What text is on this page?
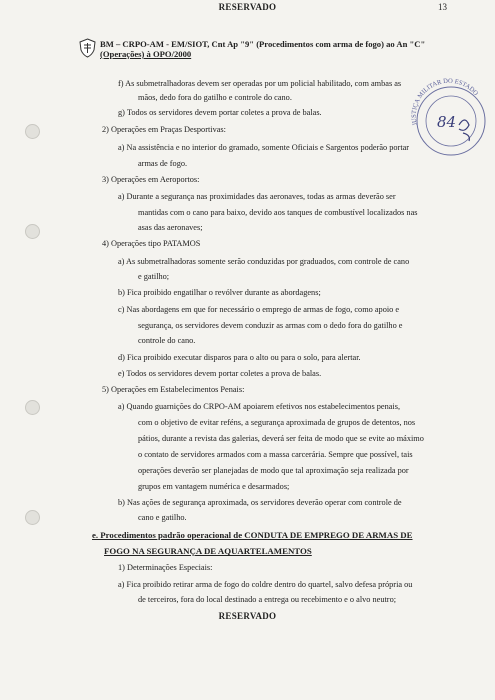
RESERVADO	13
BM – CRPO-AM - EM/SIOT, Cnt Ap "9" (Procedimentos com arma de fogo) ao An "C"
(Operações) à OPO/2000
JUSTIÇA MILITAR DO ESTADO
84
f) As submetralhadoras devem ser operadas por um policial habilitado, com ambas as
mãos, dedo fora do gatilho e controle do cano.
g) Todos os servidores devem portar coletes a prova de balas.
2) Operações em Praças Desportivas:
a) Na assistência e no interior do gramado, somente Oficiais e Sargentos poderão portar
armas de fogo.
3) Operações em Aeroportos:
a) Durante a segurança nas proximidades das aeronaves, todas as armas deverão ser
mantidas com o cano para baixo, devido aos tanques de combustível localizados nas
asas das aeronaves;
4) Operações tipo PATAMOS
a) As submetralhadoras somente serão conduzidas por graduados, com controle de cano
e gatilho;
b) Fica proibido engatilhar o revólver durante as abordagens;
c) Nas abordagens em que for necessário o emprego de armas de fogo, como apoio e
segurança, os servidores devem conduzir as armas com o dedo fora do gatilho e
controle do cano.
d) Fica proibido executar disparos para o alto ou para o solo, para alertar.
e) Todos os servidores devem portar coletes a prova de balas.
5) Operações em Estabelecimentos Penais:
a) Quando guarnições do CRPO-AM apoiarem efetivos nos estabelecimentos penais,
com o objetivo de evitar reféns, a segurança aproximada de grupos de detentos, nos
pátios, durante a revista das galerias, deverá ser feita de modo que se evite ao máximo
o contato de servidores armados com a massa carcerária. Sempre que possível, tais
operações deverão ser planejadas de modo que tal aproximação seja realizada por
grupos em vantagem numérica e desarmados;
b) Nas ações de segurança aproximada, os servidores deverão operar com controle de
cano e gatilho.
e. Procedimentos padrão operacional de CONDUTA DE EMPREGO DE ARMAS DE
FOGO NA SEGURANÇA DE AQUARTELAMENTOS
1) Determinações Especiais:
a) Fica proibido retirar arma de fogo do coldre dentro do quartel, salvo defesa própria ou
de terceiros, fora do local destinado a entrega ou recebimento e o alvo neutro;
RESERVADO
